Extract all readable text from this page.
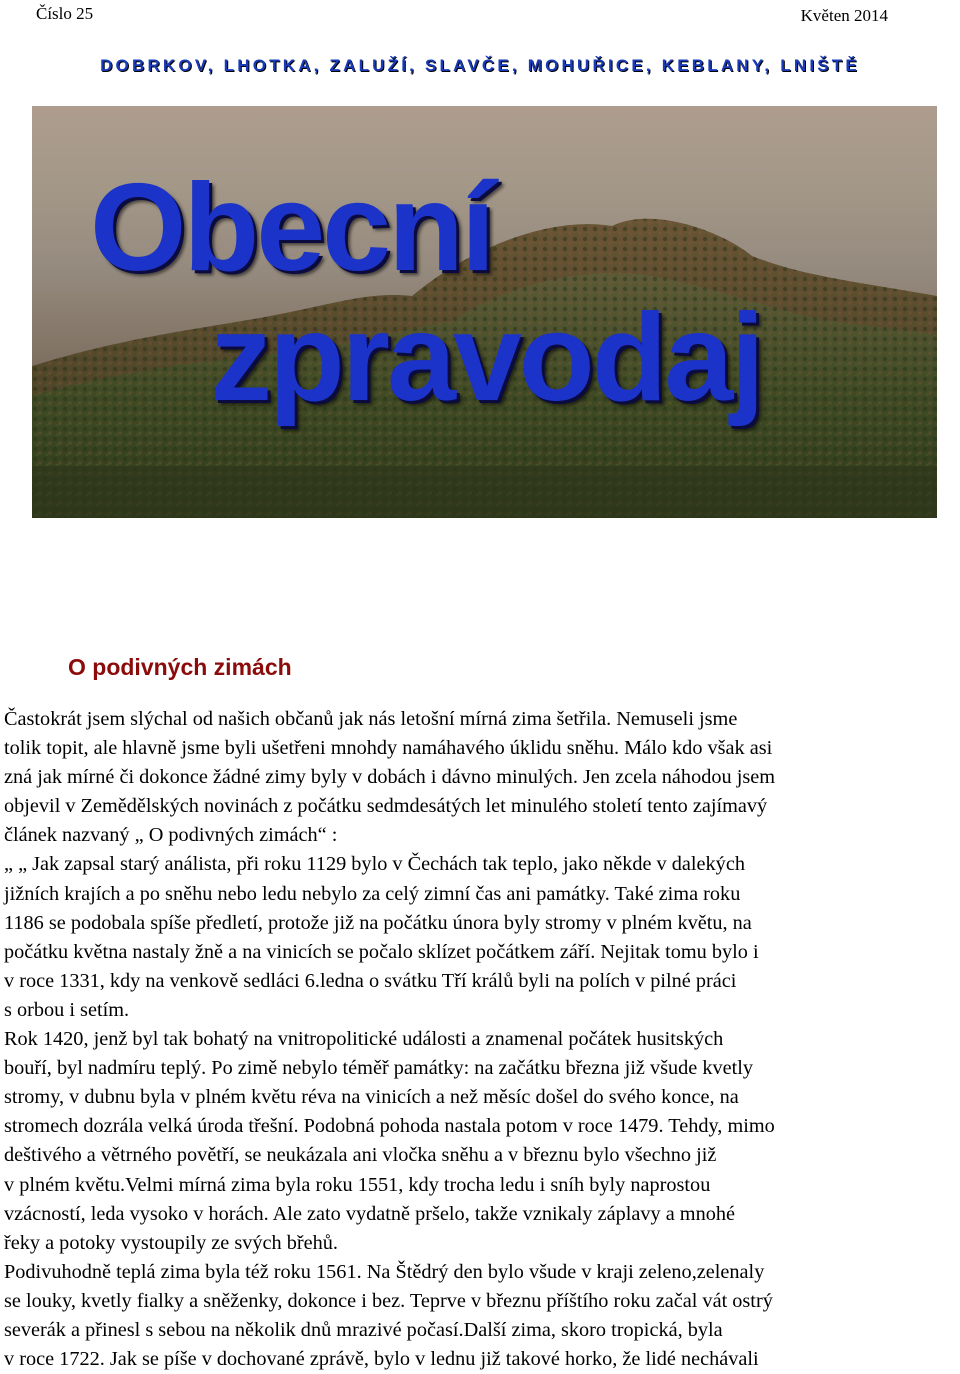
Číslo 25	Květen 2014
DOBRKOV, LHOTKA, ZALUŽÍ, SLAVČE, MOHUŘICE, KEBLANY, LNIŠTĚ
Obecní
zpravodaj
O podivných zimách
Častokrát jsem slýchal od našich občanů jak nás letošní mírná zima šetřila. Nemuseli jsme
tolik topit, ale hlavně jsme byli ušetřeni mnohdy namáhavého úklidu sněhu. Málo kdo však asi
zná jak mírné či dokonce žádné zimy byly v dobách i dávno minulých. Jen zcela náhodou jsem
objevil v Zemědělských novinách z počátku sedmdesátých let minulého století tento zajímavý
článek nazvaný „ O podivných zimách“ :
„ „ Jak zapsal starý análista, při roku 1129 bylo v Čechách tak teplo, jako někde v dalekých
jižních krajích a po sněhu nebo ledu nebylo za celý zimní čas ani památky. Také zima roku
1186 se podobala spíše předletí, protože již na počátku února byly stromy v plném květu, na
počátku května nastaly žně a na vinicích se počalo sklízet počátkem září. Nejitak tomu bylo i
v roce 1331, kdy na venkově sedláci 6.ledna o svátku Tří králů byli na polích v pilné práci
s orbou i setím.
Rok 1420, jenž byl tak bohatý na vnitropolitické události a znamenal počátek husitských
bouří, byl nadmíru teplý. Po zimě nebylo téměř památky: na začátku března již všude kvetly
stromy, v dubnu byla v plném květu réva na vinicích a než měsíc došel do svého konce, na
stromech dozrála velká úroda třešní. Podobná pohoda nastala potom v roce 1479. Tehdy, mimo
deštivého a větrného povětří, se neukázala ani vločka sněhu a v březnu bylo všechno již
v plném květu.Velmi mírná zima byla roku 1551, kdy trocha ledu i sníh byly naprostou
vzácností, leda vysoko v horách. Ale zato vydatně pršelo, takže vznikaly záplavy a mnohé
řeky a potoky vystoupily ze svých břehů.
Podivuhodně teplá zima byla též roku 1561. Na Štědrý den bylo všude v kraji zeleno,zelenaly
se louky, kvetly fialky a sněženky, dokonce i bez. Teprve v březnu příštího roku začal vát ostrý
severák a přinesl s sebou na několik dnů mrazivé počasí.Další zima, skoro tropická, byla
v roce 1722. Jak se píše v dochované zprávě, bylo v lednu již takové horko, že lidé nechávali
